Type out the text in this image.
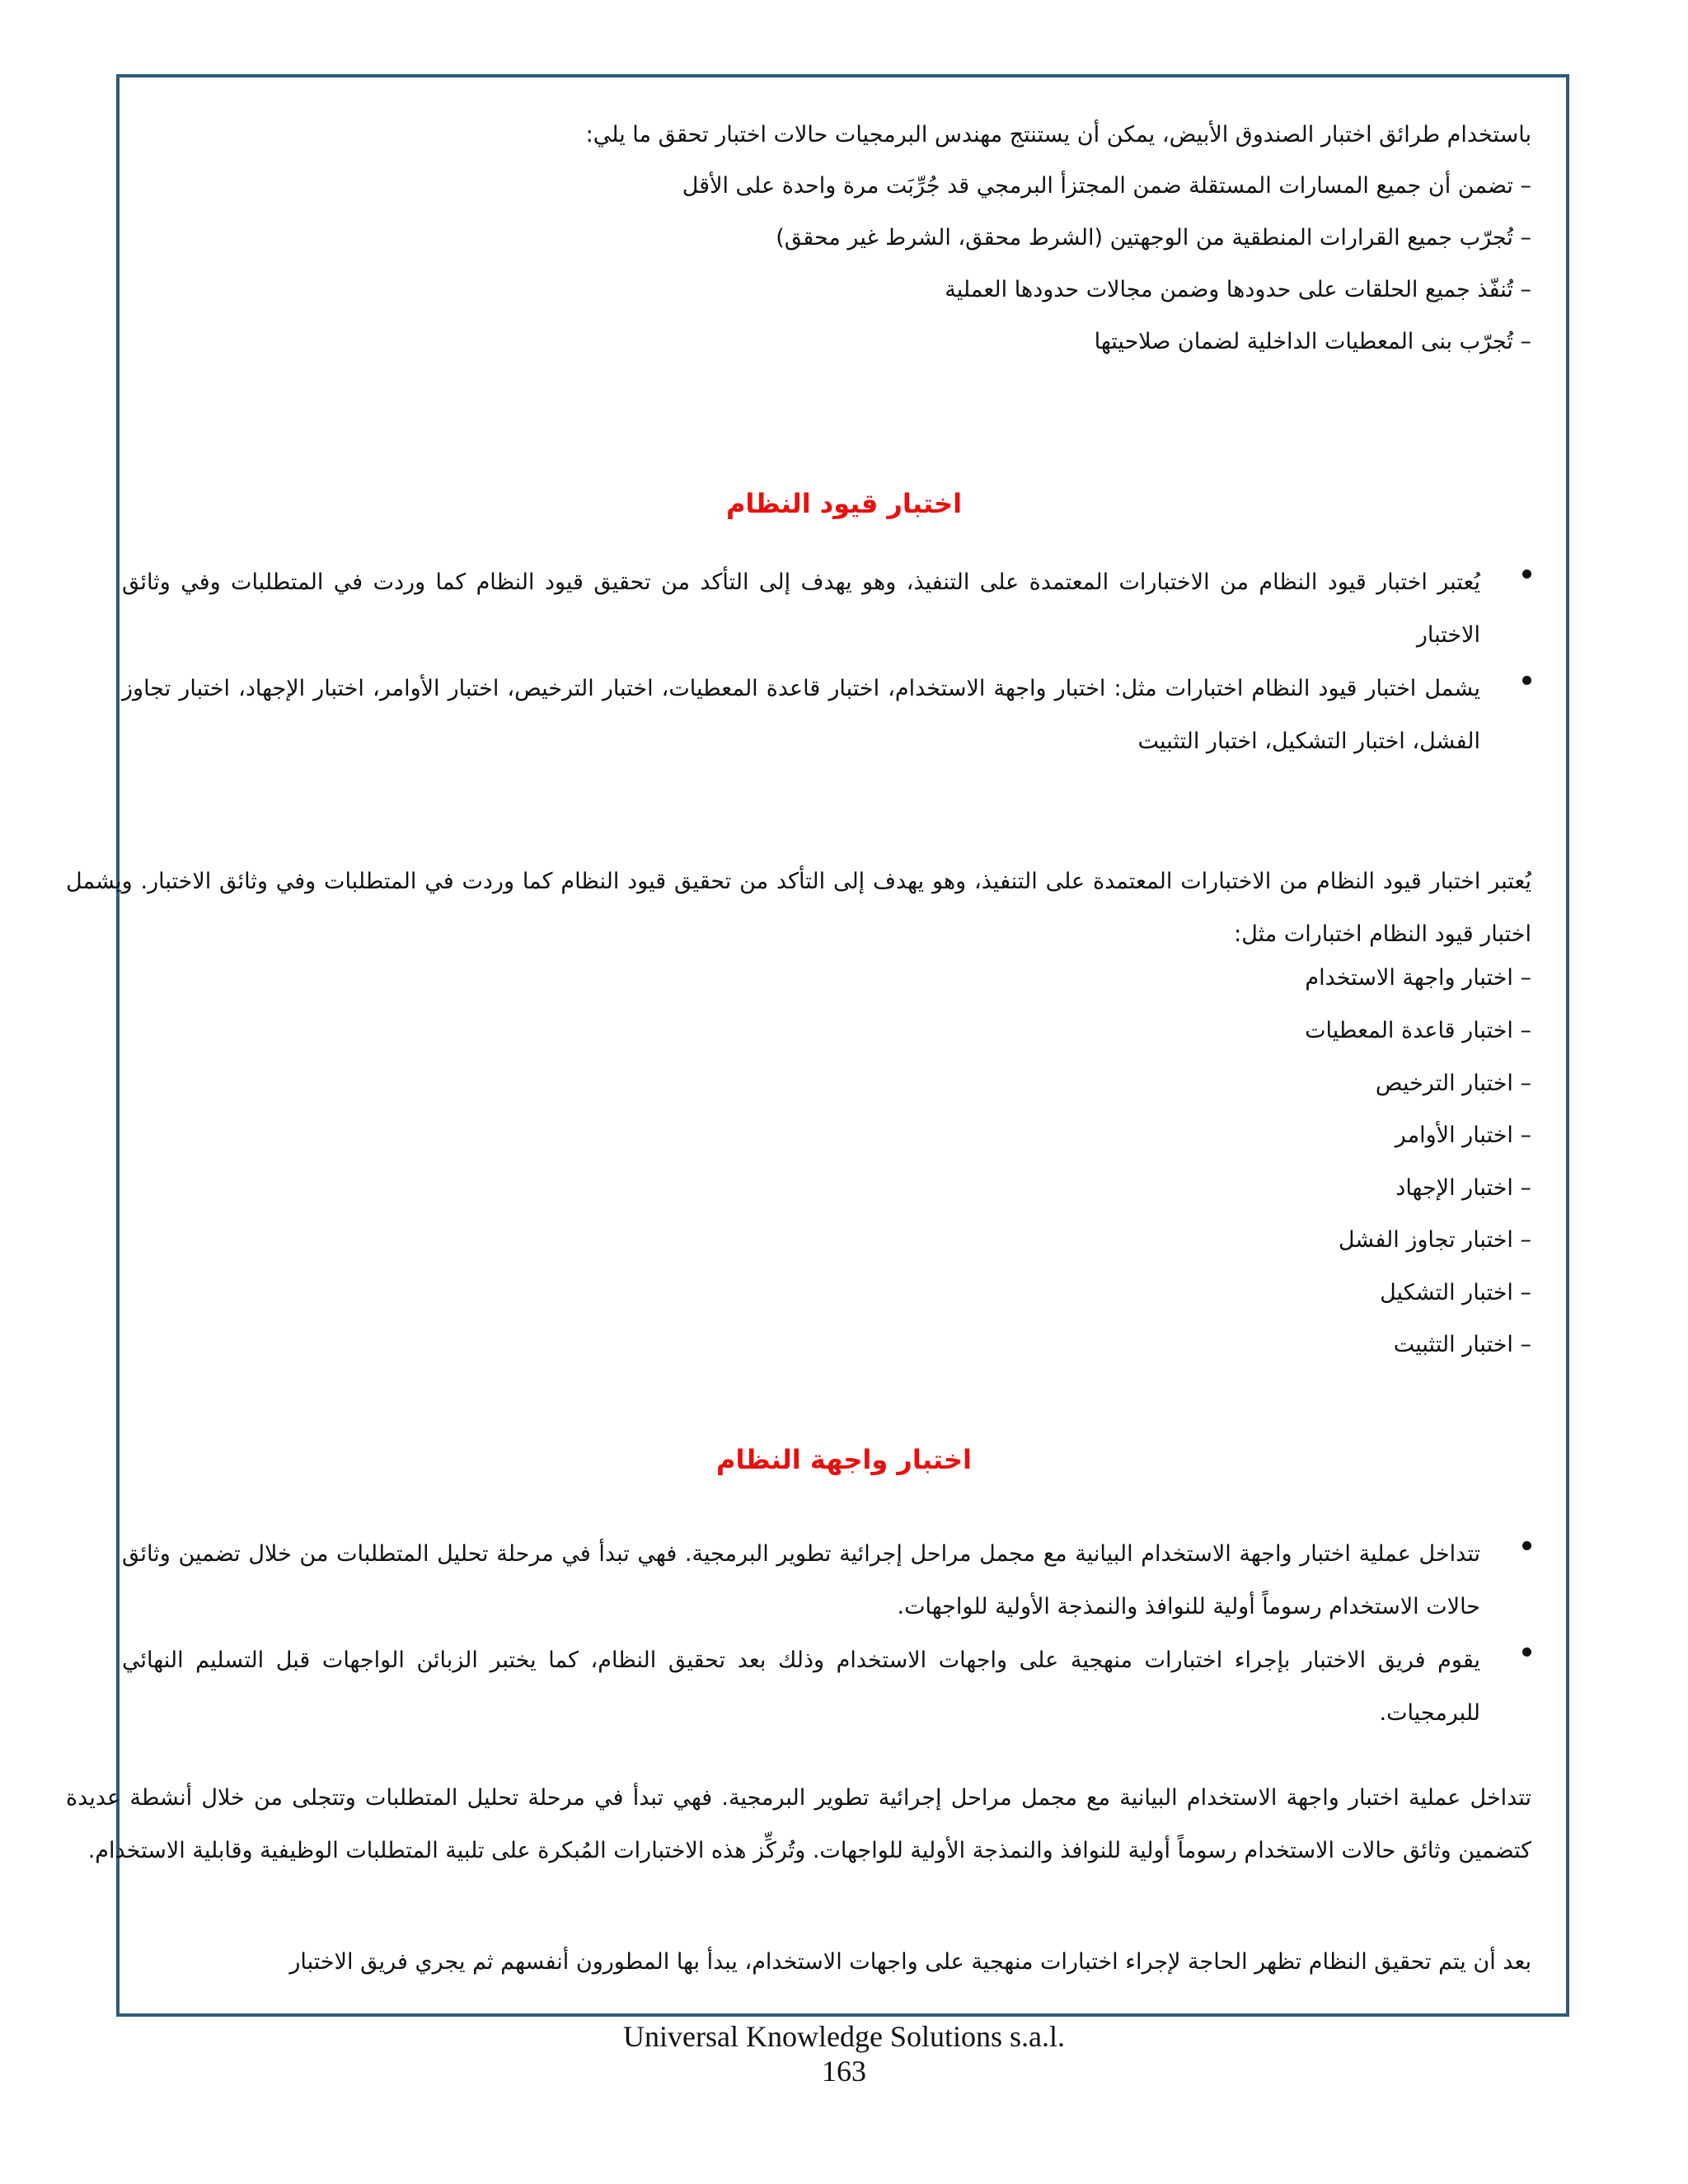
باستخدام طرائق اختبار الصندوق الأبيض، يمكن أن يستنتج مهندس البرمجيات حالات اختبار تحقق ما يلي:
– تضمن أن جميع المسارات المستقلة ضمن المجتزأ البرمجي قد جُرِّبَت مرة واحدة على الأقل
– تُجرّب جميع القرارات المنطقية من الوجهتين (الشرط محقق، الشرط غير محقق)
– تُنفّذ جميع الحلقات على حدودها وضمن مجالات حدودها العملية
– تُجرّب بنى المعطيات الداخلية لضمان صلاحيتها
اختبار قيود النظام
يُعتبر اختبار قيود النظام من الاختبارات المعتمدة على التنفيذ، وهو يهدف إلى التأكد من تحقيق قيود النظام كما وردت في المتطلبات وفي وثائق الاختبار
يشمل اختبار قيود النظام اختبارات مثل: اختبار واجهة الاستخدام، اختبار قاعدة المعطيات، اختبار الترخيص، اختبار الأوامر، اختبار الإجهاد، اختبار تجاوز الفشل، اختبار التشكيل، اختبار التثبيت
يُعتبر اختبار قيود النظام من الاختبارات المعتمدة على التنفيذ، وهو يهدف إلى التأكد من تحقيق قيود النظام كما وردت في المتطلبات وفي وثائق الاختبار. ويشمل اختبار قيود النظام اختبارات مثل:
– اختبار واجهة الاستخدام
– اختبار قاعدة المعطيات
– اختبار الترخيص
– اختبار الأوامر
– اختبار الإجهاد
– اختبار تجاوز الفشل
– اختبار التشكيل
– اختبار التثبيت
اختبار واجهة النظام
تتداخل عملية اختبار واجهة الاستخدام البيانية مع مجمل مراحل إجرائية تطوير البرمجية. فهي تبدأ في مرحلة تحليل المتطلبات من خلال تضمين وثائق حالات الاستخدام رسوماً أولية للنوافذ والنمذجة الأولية للواجهات.
يقوم فريق الاختبار بإجراء اختبارات منهجية على واجهات الاستخدام وذلك بعد تحقيق النظام، كما يختبر الزبائن الواجهات قبل التسليم النهائي للبرمجيات.
تتداخل عملية اختبار واجهة الاستخدام البيانية مع مجمل مراحل إجرائية تطوير البرمجية. فهي تبدأ في مرحلة تحليل المتطلبات وتتجلى من خلال أنشطة عديدة كتضمين وثائق حالات الاستخدام رسوماً أولية للنوافذ والنمذجة الأولية للواجهات. وتُركِّز هذه الاختبارات المُبكرة على تلبية المتطلبات الوظيفية وقابلية الاستخدام.
بعد أن يتم تحقيق النظام تظهر الحاجة لإجراء اختبارات منهجية على واجهات الاستخدام، يبدأ بها المطورون أنفسهم ثم يجري فريق الاختبار
Universal Knowledge Solutions s.a.l.
163
